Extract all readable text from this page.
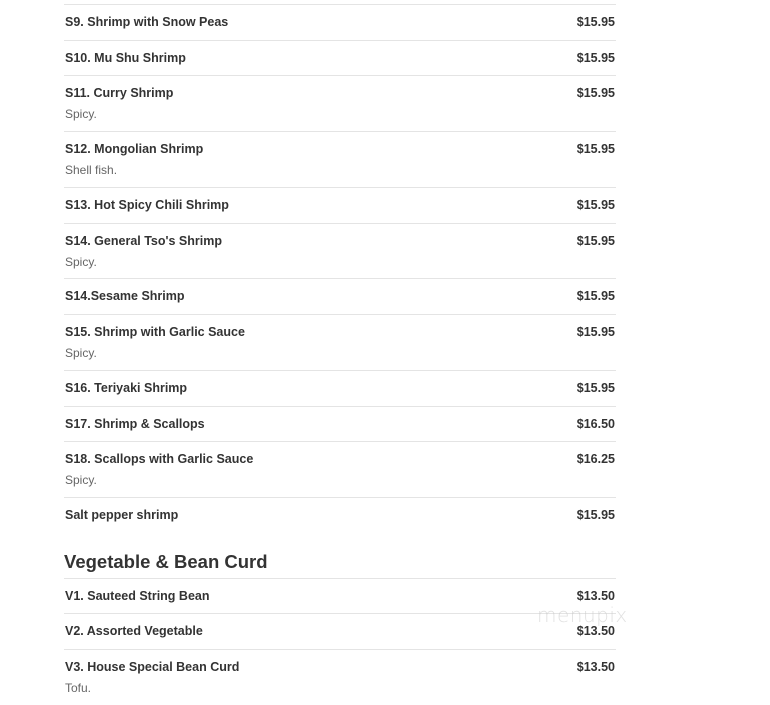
S9. Shrimp with Snow Peas	$15.95
S10. Mu Shu Shrimp	$15.95
S11. Curry Shrimp	$15.95
Spicy.
S12. Mongolian Shrimp	$15.95
Shell fish.
S13. Hot Spicy Chili Shrimp	$15.95
S14. General Tso's Shrimp	$15.95
Spicy.
S14.Sesame Shrimp	$15.95
S15. Shrimp with Garlic Sauce	$15.95
Spicy.
S16. Teriyaki Shrimp	$15.95
S17. Shrimp & Scallops	$16.50
S18. Scallops with Garlic Sauce	$16.25
Spicy.
Salt pepper shrimp	$15.95
Vegetable & Bean Curd
V1. Sauteed String Bean	$13.50
V2. Assorted Vegetable	$13.50
V3. House Special Bean Curd	$13.50
Tofu.
menupix
